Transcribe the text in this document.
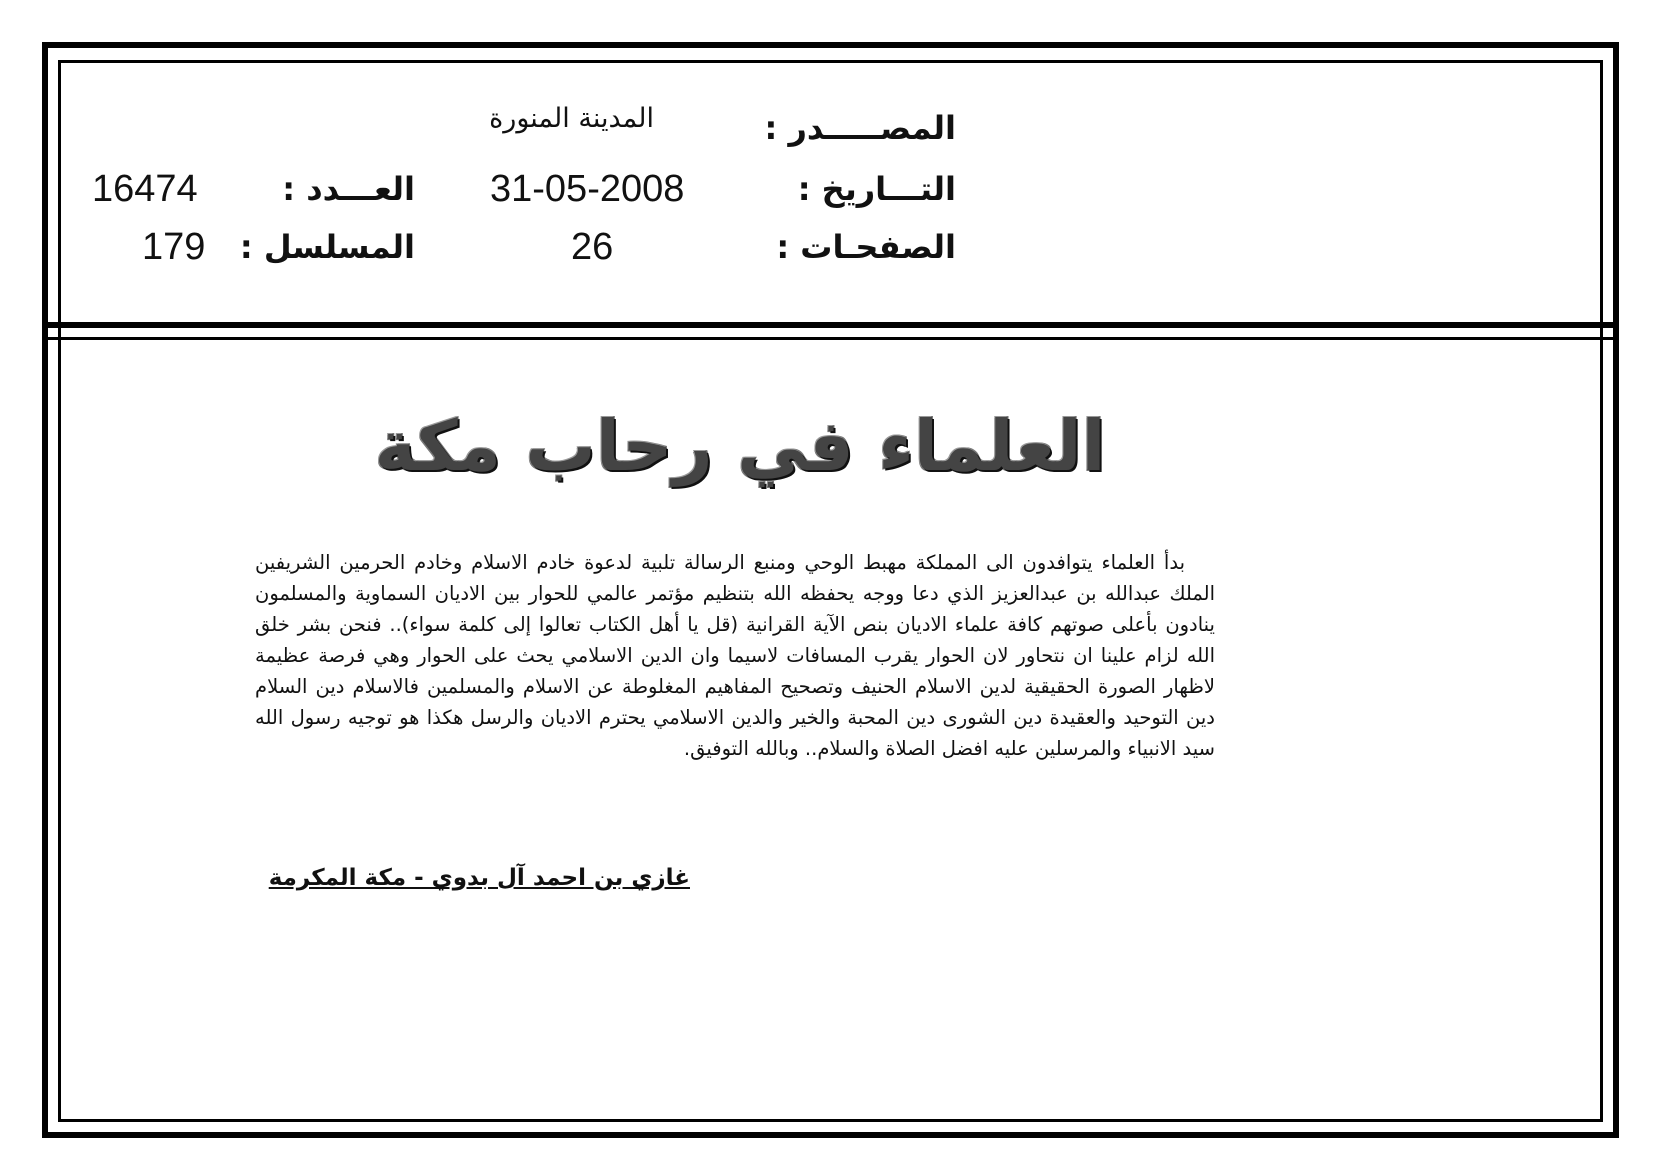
المصـــــدر :
المدينة المنورة
التـــاريخ :
31-05-2008
الصفحـات :
26
العـــدد :
16474
المسلسل :
179
العلماء في رحاب مكة

بدأ العلماء يتوافدون الى المملكة مهبط الوحي ومنبع الرسالة تلبية لدعوة خادم الاسلام وخادم الحرمين الشريفين الملك عبدالله بن عبدالعزيز الذي دعا ووجه يحفظه الله بتنظيم مؤتمر عالمي للحوار بين الاديان السماوية والمسلمون ينادون بأعلى صوتهم كافة علماء الاديان بنص الآية القرانية (قل يا أهل الكتاب تعالوا إلى كلمة سواء).. فنحن بشر خلق الله لزام علينا ان نتحاور لان الحوار يقرب المسافات لاسيما وان الدين الاسلامي يحث على الحوار وهي فرصة عظيمة لاظهار الصورة الحقيقية لدين الاسلام الحنيف وتصحيح المفاهيم المغلوطة عن الاسلام والمسلمين فالاسلام دين السلام دين التوحيد والعقيدة دين الشورى دين المحبة والخير والدين الاسلامي يحترم الاديان والرسل هكذا هو توجيه رسول الله سيد الانبياء والمرسلين عليه افضل الصلاة والسلام.. وبالله التوفيق.

غازي بن احمد آل بدوي - مكة المكرمة
